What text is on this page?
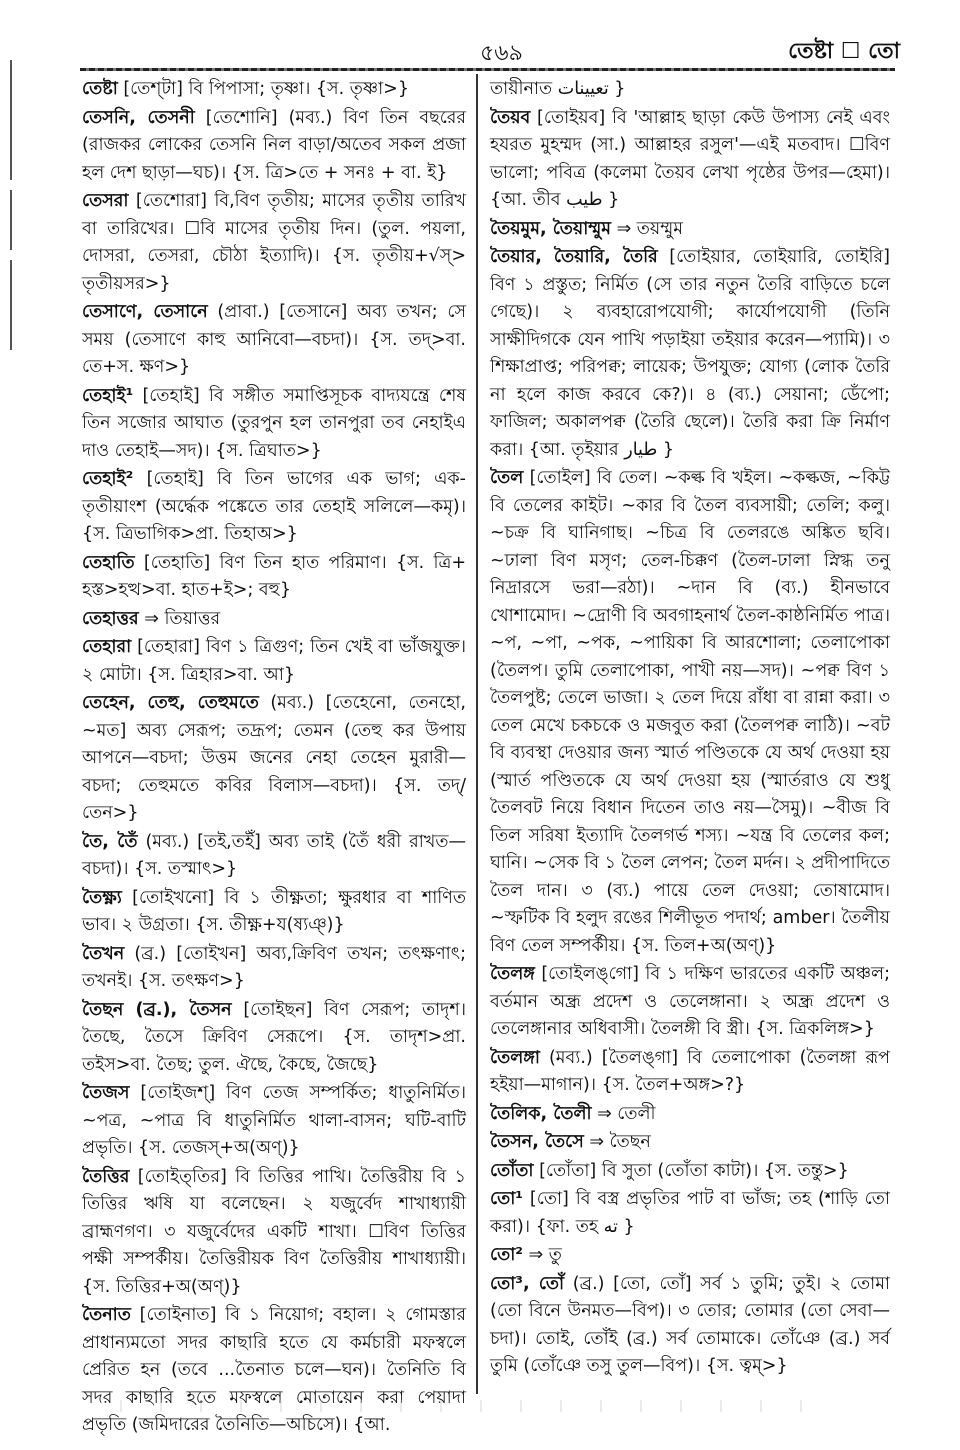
৫৬৯	তেষ্টা ☐ তো

তেষ্টা [তেশ্‌টা] বি পিপাসা; তৃষ্ণা। {স. তৃষ্ণা>}

তেসনি, তেসনী [তেশোনি] (মব্য.) বিণ তিন বছরের (রাজকর লোকের তেসনি নিল বাড়া/অতেব সকল প্রজা হল দেশ ছাড়া—ঘচ)। {স. ত্রি>তে + সনঃ + বা. ই}

তেসরা [তেশোরা] বি,বিণ তৃতীয়; মাসের তৃতীয় তারিখ বা তারিখের। ☐বি মাসের তৃতীয় দিন। (তুল. পয়লা, দোসরা, তেসরা, চৌঠা ইত্যাদি)। {স. তৃতীয়+√স্‌> তৃতীয়সর>}

তেসাণে, তেসানে (প্রাবা.) [তেসানে] অব্য তখন; সে সময় (তেসাণে কাহু আনিবো—বচদা)। {স. তদ্‌>বা. তে+স. ক্ষণ>}

তেহাই¹ [তেহাই] বি সঙ্গীত সমাপ্তিসূচক বাদ্যযন্ত্রে শেষ তিন সজোর আঘাত (তুরপুন হল তানপুরা তব নেহাইএ দাও তেহাই—সদ)। {স. ত্রিঘাত>}

তেহাই² [তেহাই] বি তিন ভাগের এক ভাগ; এক-তৃতীয়াংশ (অর্দ্ধেক পঙ্কেতে তার তেহাই সলিলে—কমৃ)। {স. ত্রিভাগিক>প্রা. তিহাঅ>}

তেহাতি [তেহাতি] বিণ তিন হাত পরিমাণ। {স. ত্রি+ হস্ত>হত্থ>বা. হাত+ই>; বহু}

তেহাত্তর ⇒ তিয়াত্তর

তেহারা [তেহারা] বিণ ১ ত্রিগুণ; তিন খেই বা ভাঁজযুক্ত। ২ মোটা। {স. ত্রিহার>বা. আ}

তেহেন, তেহু, তেহুমতে (মব্য.) [তেহেনো, তেনহো, ~মত] অব্য সেরূপ; তদ্রূপ; তেমন (তেহু কর উপায় আপনে—বচদা; উত্তম জনের নেহা তেহেন মুরারী—বচদা; তেহুমতে কবির বিলাস—বচদা)। {স. তদ্‌/তেন>}

তৈ, তৈঁ (মব্য.) [তই,তইঁ] অব্য তাই (তৈঁ ধরী রাখত—বচদা)। {স. তস্মাৎ>}

তৈক্ষ্ণ্য [তোইখনো] বি ১ তীক্ষ্ণতা; ক্ষুরধার বা শাণিত ভাব। ২ উগ্রতা। {স. তীক্ষ্ণ+য(ষ্যঞ্‌)}

তৈখন (ব্র.) [তোইখন] অব্য,ক্রিবিণ তখন; তৎক্ষণাৎ; তখনই। {স. তৎক্ষণ>}

তৈছন (ব্র.), তৈসন [তোইছন] বিণ সেরূপ; তাদৃশ। তৈছে, তৈসে ক্রিবিণ সেরূপে। {স. তাদৃশ>প্রা. তইস>বা. তৈছ; তুল. ঐছে, কৈছে, জৈছে}

তৈজস [তোইজশ্‌] বিণ তেজ সম্পর্কিত; ধাতুনির্মিত। ~পত্র, ~পাত্র বি ধাতুনির্মিত থালা-বাসন; ঘটি-বাটি প্রভৃতি। {স. তেজস্‌+অ(অণ্‌)}

তৈত্তির [তোইত্‌তির] বি তিত্তির পাখি। তৈত্তিরীয় বি ১ তিত্তির ঋষি যা বলেছেন। ২ যজুর্বেদ শাখাধ্যায়ী ব্রাহ্মণগণ। ৩ যজুর্বেদের একটি শাখা। ☐বিণ তিত্তির পক্ষী সম্পর্কীয়। তৈত্তিরীয়ক বিণ তৈত্তিরীয় শাখাধ্যায়ী। {স. তিত্তির+অ(অণ্‌)}

তৈনাত [তোইনাত] বি ১ নিয়োগ; বহাল। ২ গোমস্তার প্রাধান্যমতো সদর কাছারি হতে যে কর্মচারী মফস্বলে প্রেরিত হন (তবে ...তৈনাত চলে—ঘন)। তৈনিতি বি সদর কাছারি হতে মফস্বলে মোতায়েন করা পেয়াদা প্রভৃতি (জমিদারের তৈনিতি—অচিসে)। {আ.

তায়ীনাত تعیینات }

তৈয়ব [তোইয়ব] বি 'আল্লাহ ছাড়া কেউ উপাস্য নেই এবং হযরত মুহম্মদ (সা.) আল্লাহর রসুল'—এই মতবাদ। ☐বিণ ভালো; পবিত্র (কলেমা তৈয়ব লেখা পৃষ্ঠের উপর—হেমা)। {আ. তীব طیب }

তৈয়মুম, তৈয়াম্মুম ⇒ তয়ম্মুম

তৈয়ার, তৈয়ারি, তৈরি [তোইয়ার, তোইয়ারি, তোইরি] বিণ ১ প্রস্তুত; নির্মিত (সে তার নতুন তৈরি বাড়িতে চলে গেছে)। ২ ব্যবহারোপযোগী; কার্যোপযোগী (তিনি সাক্ষীদিগকে যেন পাখি পড়াইয়া তইয়ার করেন—প্যামি)। ৩ শিক্ষাপ্রাপ্ত; পরিপক্ব; লায়েক; উপযুক্ত; যোগ্য (লোক তৈরি না হলে কাজ করবে কে?)। ৪ (ব্য.) সেয়ানা; ডেঁপো; ফাজিল; অকালপক্ব (তৈরি ছেলে)। তৈরি করা ক্রি নির্মাণ করা। {আ. তৃইয়ার طیار }

তৈল [তোইল] বি তেল। ~কল্ক বি খইল। ~কল্কজ, ~কিট্ট বি তেলের কাইট। ~কার বি তৈল ব্যবসায়ী; তেলি; কলু। ~চক্র বি ঘানিগাছ। ~চিত্র বি তেলরঙে অঙ্কিত ছবি। ~ঢালা বিণ মসৃণ; তেল-চিক্কণ (তৈল-ঢালা স্নিগ্ধ তনু নিদ্রারসে ভরা—রঠা)। ~দান বি (ব্য.) হীনভাবে খোশামোদ। ~দ্রোণী বি অবগাহনার্থ তৈল-কাষ্ঠনির্মিত পাত্র। ~প, ~পা, ~পক, ~পায়িকা বি আরশোলা; তেলাপোকা (তৈলপ। তুমি তেলাপোকা, পাখী নয়—সদ)। ~পক্ব বিণ ১ তৈলপুষ্ট; তেলে ভাজা। ২ তেল দিয়ে রাঁধা বা রান্না করা। ৩ তেল মেখে চকচকে ও মজবুত করা (তৈলপক্ব লাঠি)। ~বট বি ব্যবস্থা দেওয়ার জন্য স্মার্ত পণ্ডিতকে যে অর্থ দেওয়া হয় (স্মার্ত পণ্ডিতকে যে অর্থ দেওয়া হয় (স্মার্তরাও যে শুধু তৈলবট নিয়ে বিধান দিতেন তাও নয়—সৈমু)। ~বীজ বি তিল সরিষা ইত্যাদি তৈলগর্ভ শস্য। ~যন্ত্র বি তেলের কল; ঘানি। ~সেক বি ১ তৈল লেপন; তৈল মর্দন। ২ প্রদীপাদিতে তৈল দান। ৩ (ব্য.) পায়ে তেল দেওয়া; তোষামোদ। ~স্ফটিক বি হলুদ রঙের শিলীভূত পদার্থ; amber। তৈলীয় বিণ তেল সম্পর্কীয়। {স. তিল+অ(অণ্‌)}

তৈলঙ্গ [তোইলঙ্‌গো] বি ১ দক্ষিণ ভারতের একটি অঞ্চল; বর্তমান অন্ধ্র প্রদেশ ও তেলেঙ্গানা। ২ অন্ধ্র প্রদেশ ও তেলেঙ্গানার অধিবাসী। তৈলঙ্গী বি স্ত্রী। {স. ত্রিকলিঙ্গ>}

তৈলঙ্গা (মব্য.) [তৈলঙ্‌গা] বি তেলাপোকা (তৈলঙ্গা রূপ হইয়া—মাগান)। {স. তৈল+অঙ্গ>?}

তৈলিক, তৈলী ⇒ তেলী

তৈসন, তৈসে ⇒ তৈছন

তোঁতা [তোঁতা] বি সুতা (তোঁতা কাটা)। {স. তন্তু>}

তো¹ [তো] বি বস্ত্র প্রভৃতির পাট বা ভাঁজ; তহ (শাড়ি তো করা)। {ফা. তহ ته }

তো² ⇒ তু

তো³, তোঁ (ব্র.) [তো, তোঁ] সর্ব ১ তুমি; তুই। ২ তোমা (তো বিনে উনমত—বিপ)। ৩ তোর; তোমার (তো সেবা—চদা)। তোই, তোঁই (ব্র.) সর্ব তোমাকে। তোঁঞে (ব্র.) সর্ব তুমি (তোঁঞে তসু তুল—বিপ)। {স. ত্বম্‌>}
